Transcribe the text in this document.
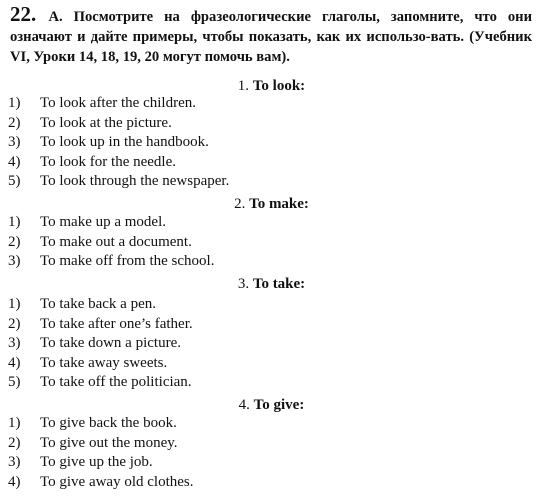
22. A. Посмотрите на фразеологические глаголы, запомните, что они означают и дайте примеры, чтобы показать, как их использо-вать. (Учебник VI, Уроки 14, 18, 19, 20 могут помочь вам).
1. To look:
1) To look after the children.
2) To look at the picture.
3) To look up in the handbook.
4) To look for the needle.
5) To look through the newspaper.
2. To make:
1) To make up a model.
2) To make out a document.
3) To make off from the school.
3. To take:
1) To take back a pen.
2) To take after one’s father.
3) To take down a picture.
4) To take away sweets.
5) To take off the politician.
4. To give:
1) To give back the book.
2) To give out the money.
3) To give up the job.
4) To give away old clothes.
